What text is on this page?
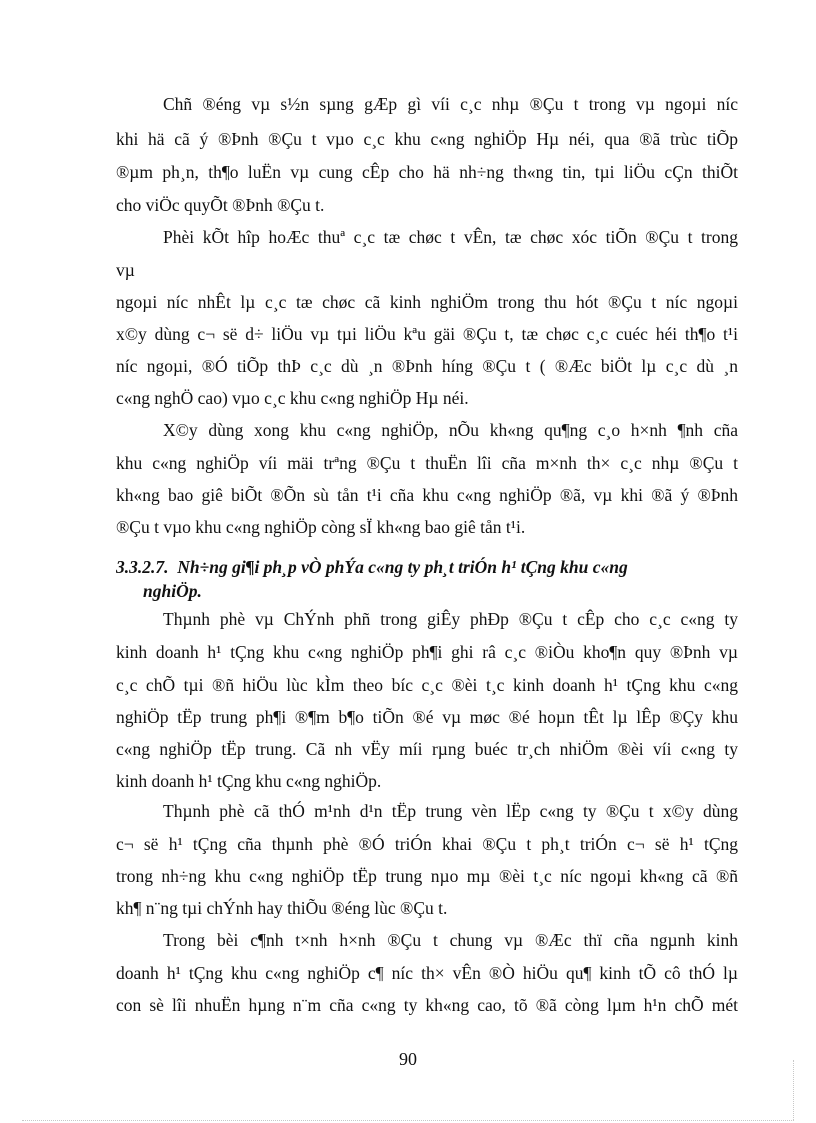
Chñ ®éng vµ s½n sµng gÆp gì víi c¸c nhµ ®Çu t trong vµ ngoµi níc
khi hä cã ý ®Þnh ®Çu t vµo c¸c khu c«ng nghiÖp Hµ néi, qua ®ã trùc tiÕp
®µm ph¸n, th¶o luËn vµ cung cÊp cho hä nh÷ng th«ng tin, tµi liÖu cÇn thiÕt
cho viÖc quyÕt ®Þnh ®Çu t.
Phèi kÕt hîp hoÆc thuª c¸c tæ chøc t vÊn, tæ chøc xóc tiÕn ®Çu t trong
vµ
ngoµi níc nhÊt lµ c¸c tæ chøc cã kinh nghiÖm trong thu hót ®Çu t níc ngoµi
x©y dùng c¬ së d÷ liÖu vµ tµi liÖu kªu gäi ®Çu t, tæ chøc c¸c cuéc héi th¶o t¹i
níc ngoµi, ®Ó tiÕp thÞ c¸c dù ¸n ®Þnh híng ®Çu t ( ®Æc biÖt lµ c¸c dù ¸n
c«ng nghÖ cao) vµo c¸c khu c«ng nghiÖp Hµ néi.
X©y dùng xong khu c«ng nghiÖp, nÕu kh«ng qu¶ng c¸o h×nh ¶nh cña
khu c«ng nghiÖp víi mäi trªng ®Çu t thuËn lîi cña m×nh th× c¸c nhµ ®Çu t
kh«ng bao giê biÕt ®Õn sù tån t¹i cña khu c«ng nghiÖp ®ã, vµ khi ®ã ý ®Þnh
®Çu t vµo khu c«ng nghiÖp còng sÏ kh«ng bao giê tån t¹i.
3.3.2.7. Nh÷ng gi¶i ph¸p vÒ phÝa c«ng ty ph¸t triÓn h¹ tÇng khu c«ng
nghiÖp.
Thµnh phè vµ ChÝnh phñ trong giÊy phÐp ®Çu t cÊp cho c¸c c«ng ty
kinh doanh h¹ tÇng khu c«ng nghiÖp ph¶i ghi râ c¸c ®iÒu kho¶n quy ®Þnh vµ
c¸c chÕ tµi ®ñ hiÖu lùc kÌm theo bíc c¸c ®èi t¸c kinh doanh h¹ tÇng khu c«ng
nghiÖp tËp trung ph¶i ®¶m b¶o tiÕn ®é vµ møc ®é hoµn tÊt lµ lÊp ®Çy khu
c«ng nghiÖp tËp trung. Cã nh vËy míi rµng buéc tr¸ch nhiÖm ®èi víi c«ng ty
kinh doanh h¹ tÇng khu c«ng nghiÖp.
Thµnh phè cã thÓ m¹nh d¹n tËp trung vèn lËp c«ng ty ®Çu t x©y dùng
c¬ së h¹ tÇng cña thµnh phè ®Ó triÓn khai ®Çu t ph¸t triÓn c¬ së h¹ tÇng
trong nh÷ng khu c«ng nghiÖp tËp trung nµo mµ ®èi t¸c níc ngoµi kh«ng cã ®ñ
kh¶ n¨ng tµi chÝnh hay thiÕu ®éng lùc ®Çu t.
Trong bèi c¶nh t×nh h×nh ®Çu t chung vµ ®Æc thï cña ngµnh kinh
doanh h¹ tÇng khu c«ng nghiÖp c¶ níc th× vÊn ®Ò hiÖu qu¶ kinh tÕ cô thÓ lµ
con sè lîi nhuËn hµng n¨m cña c«ng ty kh«ng cao, tõ ®ã còng lµm h¹n chÕ mét
90
